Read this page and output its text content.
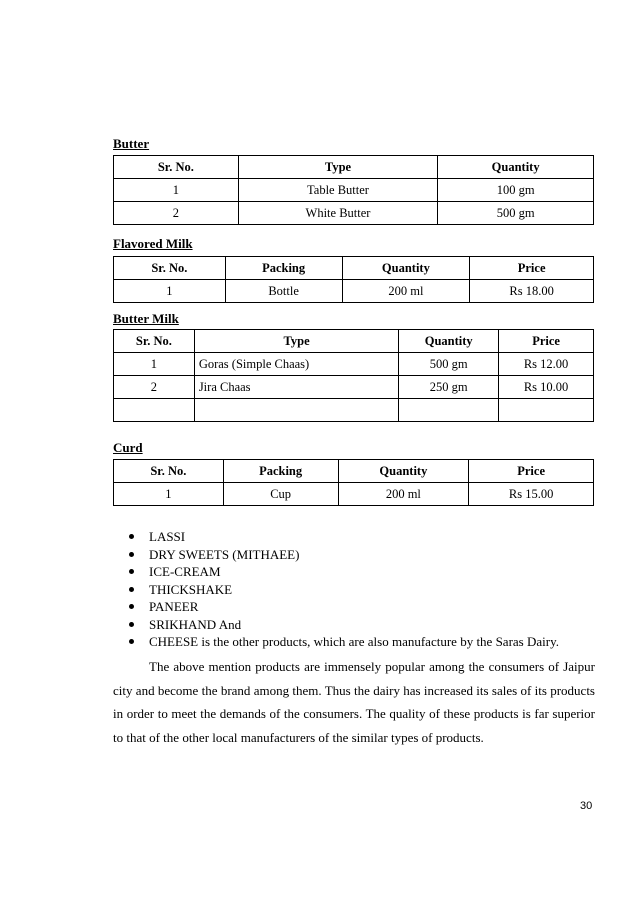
Butter

Sr. No.	Type	Quantity
1	Table Butter	100 gm
2	White Butter	500 gm

Flavored Milk

Sr. No.	Packing	Quantity	Price
1	Bottle	200 ml	Rs 18.00

Butter Milk

Sr. No.	Type	Quantity	Price
1	Goras (Simple Chaas)	500 gm	Rs 12.00
2	Jira Chaas	250 gm	Rs 10.00

Curd

Sr. No.	Packing	Quantity	Price
1	Cup	200 ml	Rs 15.00
LASSI
DRY SWEETS (MITHAEE)
ICE-CREAM
THICKSHAKE
PANEER
SRIKHAND And
CHEESE is the other products, which are also manufacture by the Saras Dairy.

The above mention products are immensely popular among the consumers of Jaipur city and become the brand among them. Thus the dairy has increased its sales of its products in order to meet the demands of the consumers. The quality of these products is far superior to that of the other local manufacturers of the similar types of products.

30
